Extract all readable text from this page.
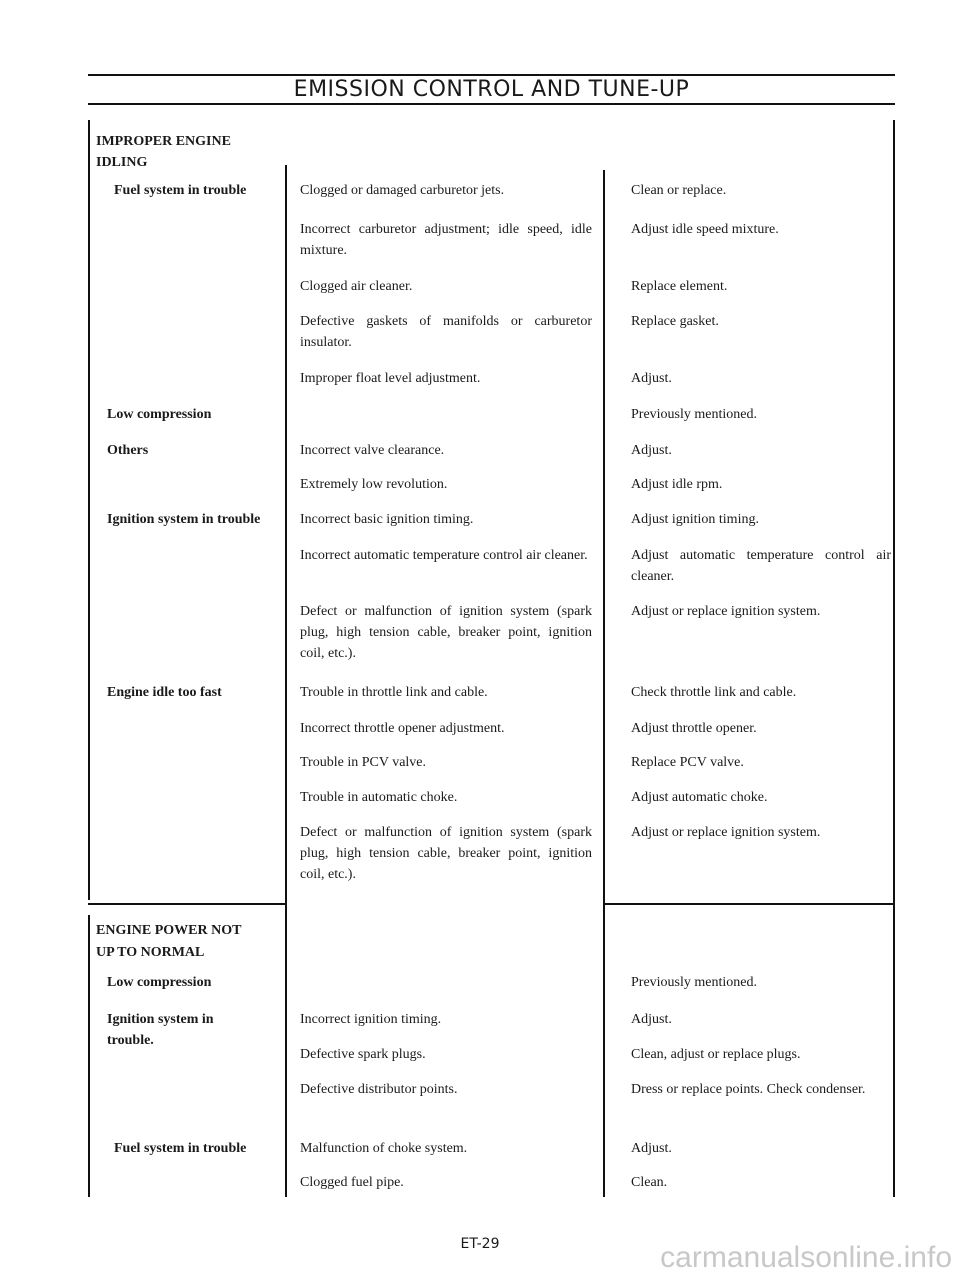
EMISSION CONTROL AND TUNE-UP
IMPROPER ENGINE
IDLING
Fuel system in trouble
Low compression
Others
Ignition system in trouble
Engine idle too fast
ENGINE POWER NOT
UP TO NORMAL
Low compression
Ignition system in
trouble.
Fuel system in trouble
Clogged or damaged carburetor jets.
Incorrect carburetor adjustment; idle speed, idle mixture.
Clogged air cleaner.
Defective gaskets of manifolds or carburetor insulator.
Improper float level adjustment.
Incorrect valve clearance.
Extremely low revolution.
Incorrect basic ignition timing.
Incorrect automatic temperature control air cleaner.
Defect or malfunction of ignition system (spark plug, high tension cable, breaker point, ignition coil, etc.).
Trouble in throttle link and cable.
Incorrect throttle opener adjustment.
Trouble in PCV valve.
Trouble in automatic choke.
Defect or malfunction of ignition system (spark plug, high tension cable, breaker point, ignition coil, etc.).
Incorrect ignition timing.
Defective spark plugs.
Defective distributor points.
Malfunction of choke system.
Clogged fuel pipe.
Clean or replace.
Adjust idle speed mixture.
Replace element.
Replace gasket.
Adjust.
Previously mentioned.
Adjust.
Adjust idle rpm.
Adjust ignition timing.
Adjust automatic temperature control air cleaner.
Adjust or replace ignition system.
Check throttle link and cable.
Adjust throttle opener.
Replace PCV valve.
Adjust automatic choke.
Adjust or replace ignition system.
Previously mentioned.
Adjust.
Clean, adjust or replace plugs.
Dress or replace points. Check condenser.
Adjust.
Clean.
ET-29	carmanualsonline.info
